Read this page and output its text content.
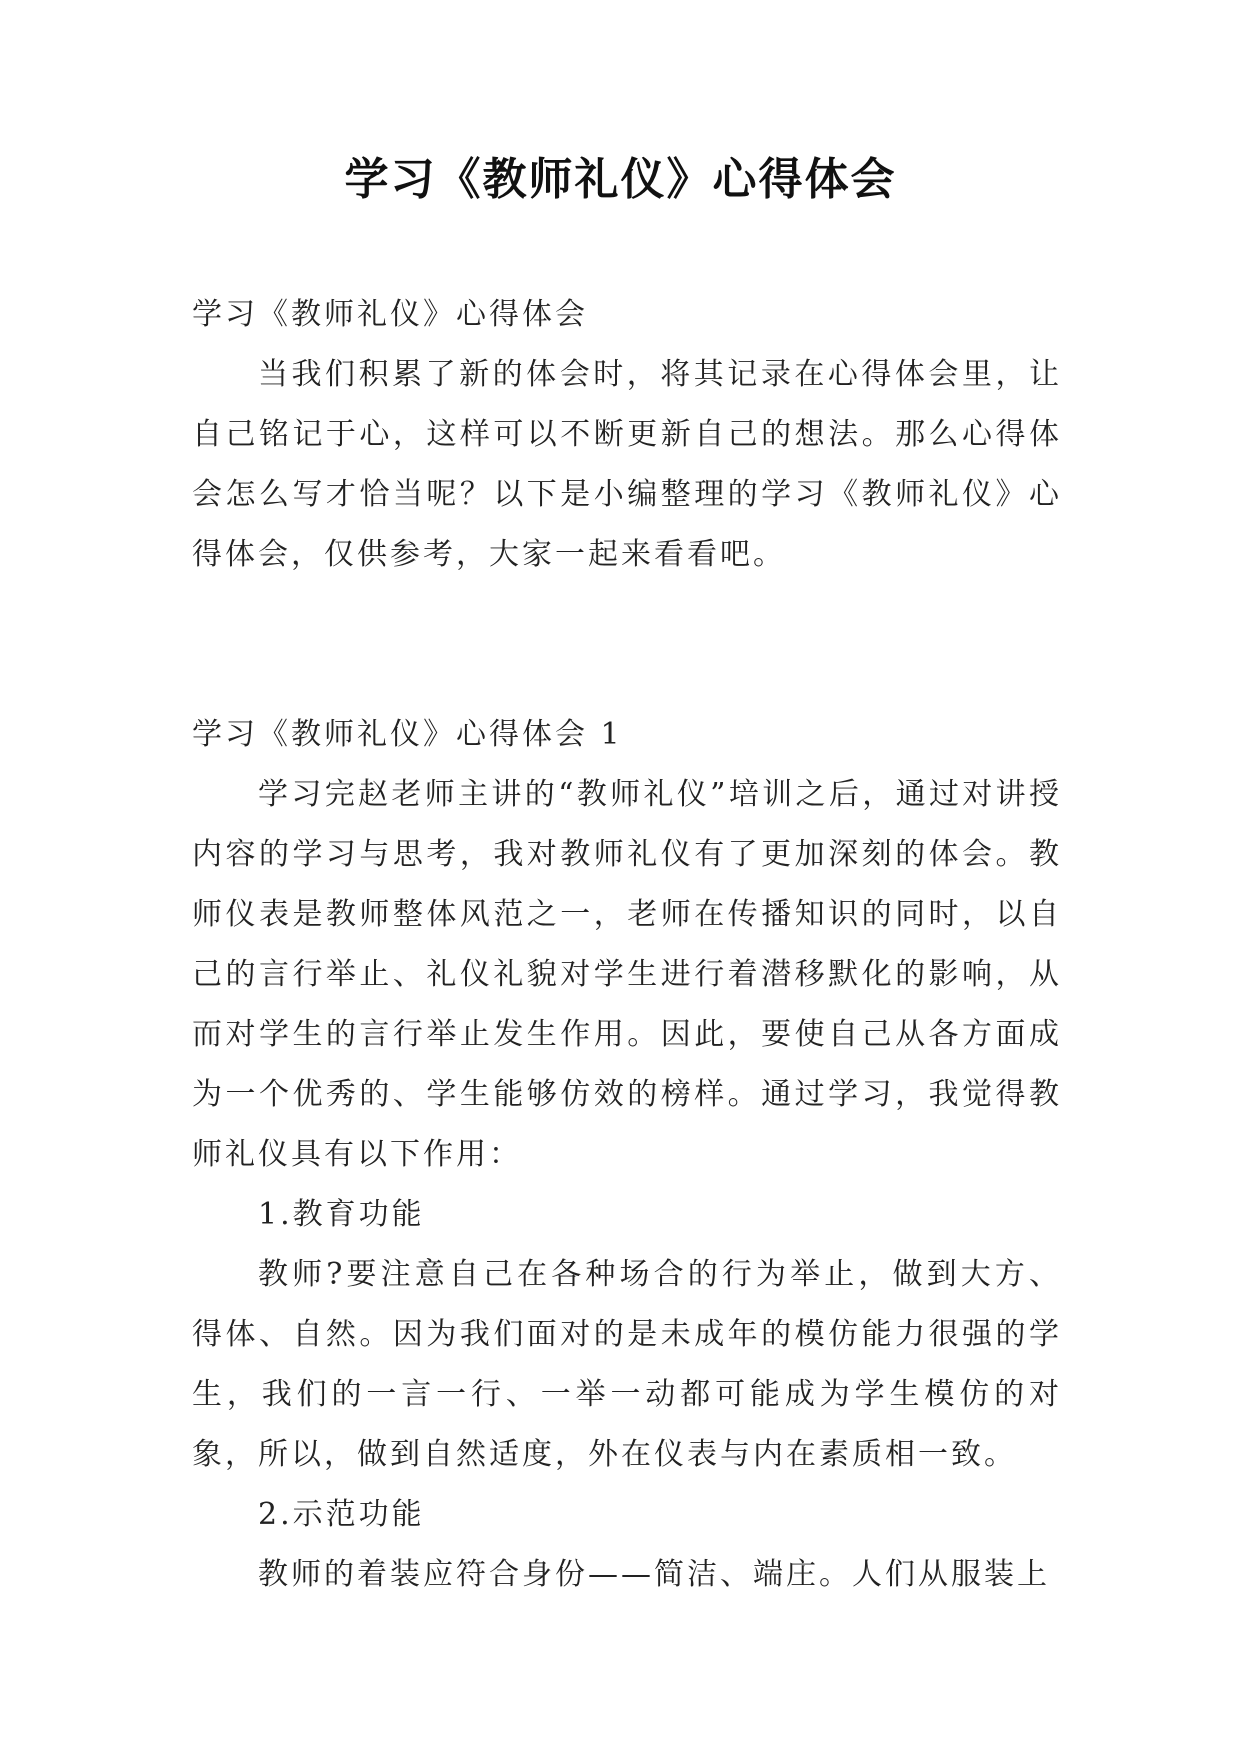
学习《教师礼仪》心得体会

学习《教师礼仪》心得体会

当我们积累了新的体会时，将其记录在心得体会里，让自己铭记于心，这样可以不断更新自己的想法。那么心得体会怎么写才恰当呢？以下是小编整理的学习《教师礼仪》心得体会，仅供参考，大家一起来看看吧。

学习《教师礼仪》心得体会 1

学习完赵老师主讲的“教师礼仪”培训之后，通过对讲授内容的学习与思考，我对教师礼仪有了更加深刻的体会。教师仪表是教师整体风范之一，老师在传播知识的同时，以自己的言行举止、礼仪礼貌对学生进行着潜移默化的影响，从而对学生的言行举止发生作用。因此，要使自己从各方面成为一个优秀的、学生能够仿效的榜样。通过学习，我觉得教师礼仪具有以下作用：

1.教育功能

教师?要注意自己在各种场合的行为举止，做到大方、得体、自然。因为我们面对的是未成年的模仿能力很强的学生，我们的一言一行、一举一动都可能成为学生模仿的对象，所以，做到自然适度，外在仪表与内在素质相一致。

2.示范功能

教师的着装应符合身份——简洁、端庄。人们从服装上
